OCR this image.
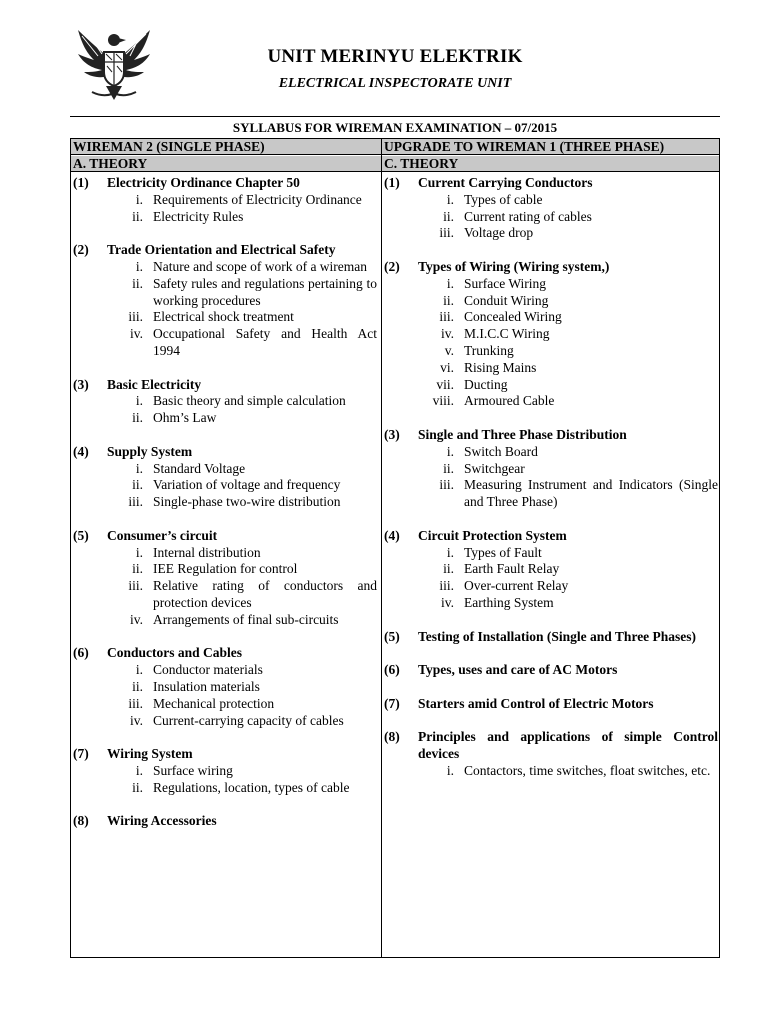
UNIT MERINYU ELEKTRIK
ELECTRICAL INSPECTORATE UNIT
SYLLABUS FOR WIREMAN EXAMINATION – 07/2015
WIREMAN 2 (SINGLE PHASE)
A. THEORY
UPGRADE TO WIREMAN 1 (THREE PHASE)
C. THEORY
(1)	Electricity Ordinance Chapter 50
i. Requirements of Electricity Ordinance
ii. Electricity Rules
(2)	Trade Orientation and Electrical Safety
i. Nature and scope of work of a wireman
ii. Safety rules and regulations pertaining to working procedures
iii. Electrical shock treatment
iv. Occupational Safety and Health Act 1994
(3)	Basic Electricity
i. Basic theory and simple calculation
ii. Ohm’s Law
(4)	Supply System
i. Standard Voltage
ii. Variation of voltage and frequency
iii. Single-phase two-wire distribution
(5)	Consumer’s circuit
i. Internal distribution
ii. IEE Regulation for control
iii. Relative rating of conductors and protection devices
iv. Arrangements of final sub-circuits
(6)	Conductors and Cables
i. Conductor materials
ii. Insulation materials
iii. Mechanical protection
iv. Current-carrying capacity of cables
(7)	Wiring System
i. Surface wiring
ii. Regulations, location, types of cable
(8)	Wiring Accessories
(1)	Current Carrying Conductors
i. Types of cable
ii. Current rating of cables
iii. Voltage drop
(2)	Types of Wiring (Wiring system,)
i. Surface Wiring
ii. Conduit Wiring
iii. Concealed Wiring
iv. M.I.C.C Wiring
v. Trunking
vi. Rising Mains
vii. Ducting
viii. Armoured Cable
(3)	Single and Three Phase Distribution
i. Switch Board
ii. Switchgear
iii. Measuring Instrument and Indicators (Single and Three Phase)
(4)	Circuit Protection System
i. Types of Fault
ii. Earth Fault Relay
iii. Over-current Relay
iv. Earthing System
(5)	Testing of Installation (Single and Three Phases)
(6)	Types, uses and care of AC Motors
(7)	Starters amid Control of Electric Motors
(8)	Principles and applications of simple Control devices
i. Contactors, time switches, float switches, etc.
